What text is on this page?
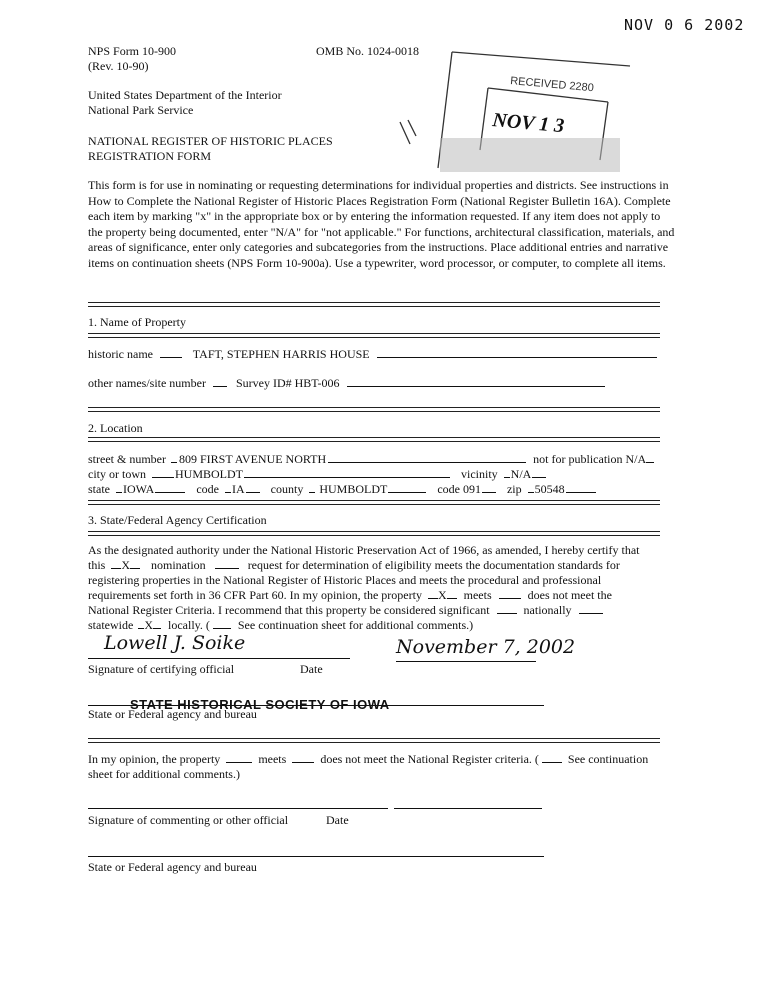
NOV 0 6 2002
NPS Form 10-900
(Rev. 10-90)
OMB No. 1024-0018
United States Department of the Interior
National Park Service
NATIONAL REGISTER OF HISTORIC PLACES
REGISTRATION FORM
RECEIVED 2280
NOV 1 3
This form is for use in nominating or requesting determinations for individual properties and districts. See instructions in How to Complete the National Register of Historic Places Registration Form (National Register Bulletin 16A). Complete each item by marking "x" in the appropriate box or by entering the information requested. If any item does not apply to the property being documented, enter "N/A" for "not applicable." For functions, architectural classification, materials, and areas of significance, enter only categories and subcategories from the instructions. Place additional entries and narrative items on continuation sheets (NPS Form 10-900a). Use a typewriter, word processor, or computer, to complete all items.
1. Name of Property
historic name	TAFT, STEPHEN HARRIS HOUSE
other names/site number	Survey ID# HBT-006
2. Location
street & number 809 FIRST AVENUE NORTH	not for publication N/A
city or town HUMBOLDT	vicinity N/A
state IOWA	code IA county HUMBOLDT	code 091 zip 50548
3. State/Federal Agency Certification
As the designated authority under the National Historic Preservation Act of 1966, as amended, I hereby certify that
this X nomination	request for determination of eligibility meets the documentation standards for
registering properties in the National Register of Historic Places and meets the procedural and professional
requirements set forth in 36 CFR Part 60. In my opinion, the property X meets	does not meet the
National Register Criteria. I recommend that this property be considered significant	nationally
statewide X locally. ( See continuation sheet for additional comments.)
Lowell J. Soike	November 7, 2002
Signature of certifying official	Date
STATE HISTORICAL SOCIETY OF IOWA
State or Federal agency and bureau
In my opinion, the property	meets	does not meet the National Register criteria. ( See continuation
sheet for additional comments.)
Signature of commenting or other official	Date
State or Federal agency and bureau
